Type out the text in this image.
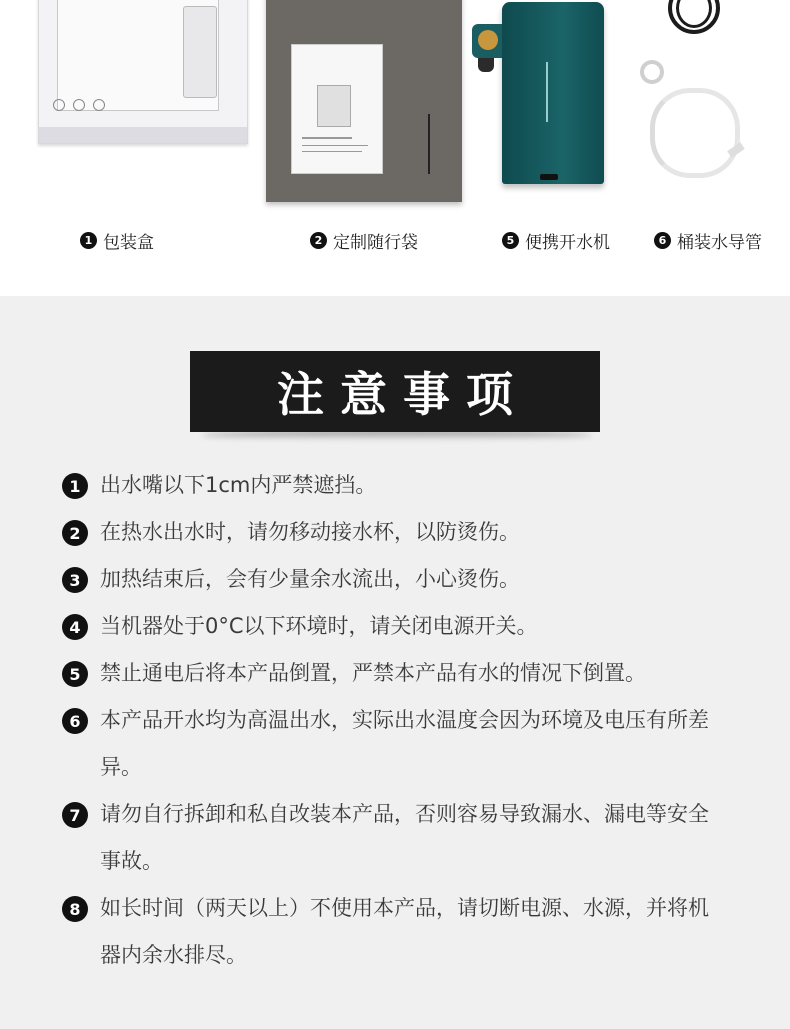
1 包装盒	2 定制随行袋	5 便携开水机	6 桶装水导管
注意事项
1 出水嘴以下1cm内严禁遮挡。
2 在热水出水时，请勿移动接水杯，以防烫伤。
3 加热结束后，会有少量余水流出，小心烫伤。
4 当机器处于0°C以下环境时，请关闭电源开关。
5 禁止通电后将本产品倒置，严禁本产品有水的情况下倒置。
6 本产品开水均为高温出水，实际出水温度会因为环境及电压有所差异。
7 请勿自行拆卸和私自改装本产品，否则容易导致漏水、漏电等安全事故。
8 如长时间（两天以上）不使用本产品，请切断电源、水源，并将机器内余水排尽。
